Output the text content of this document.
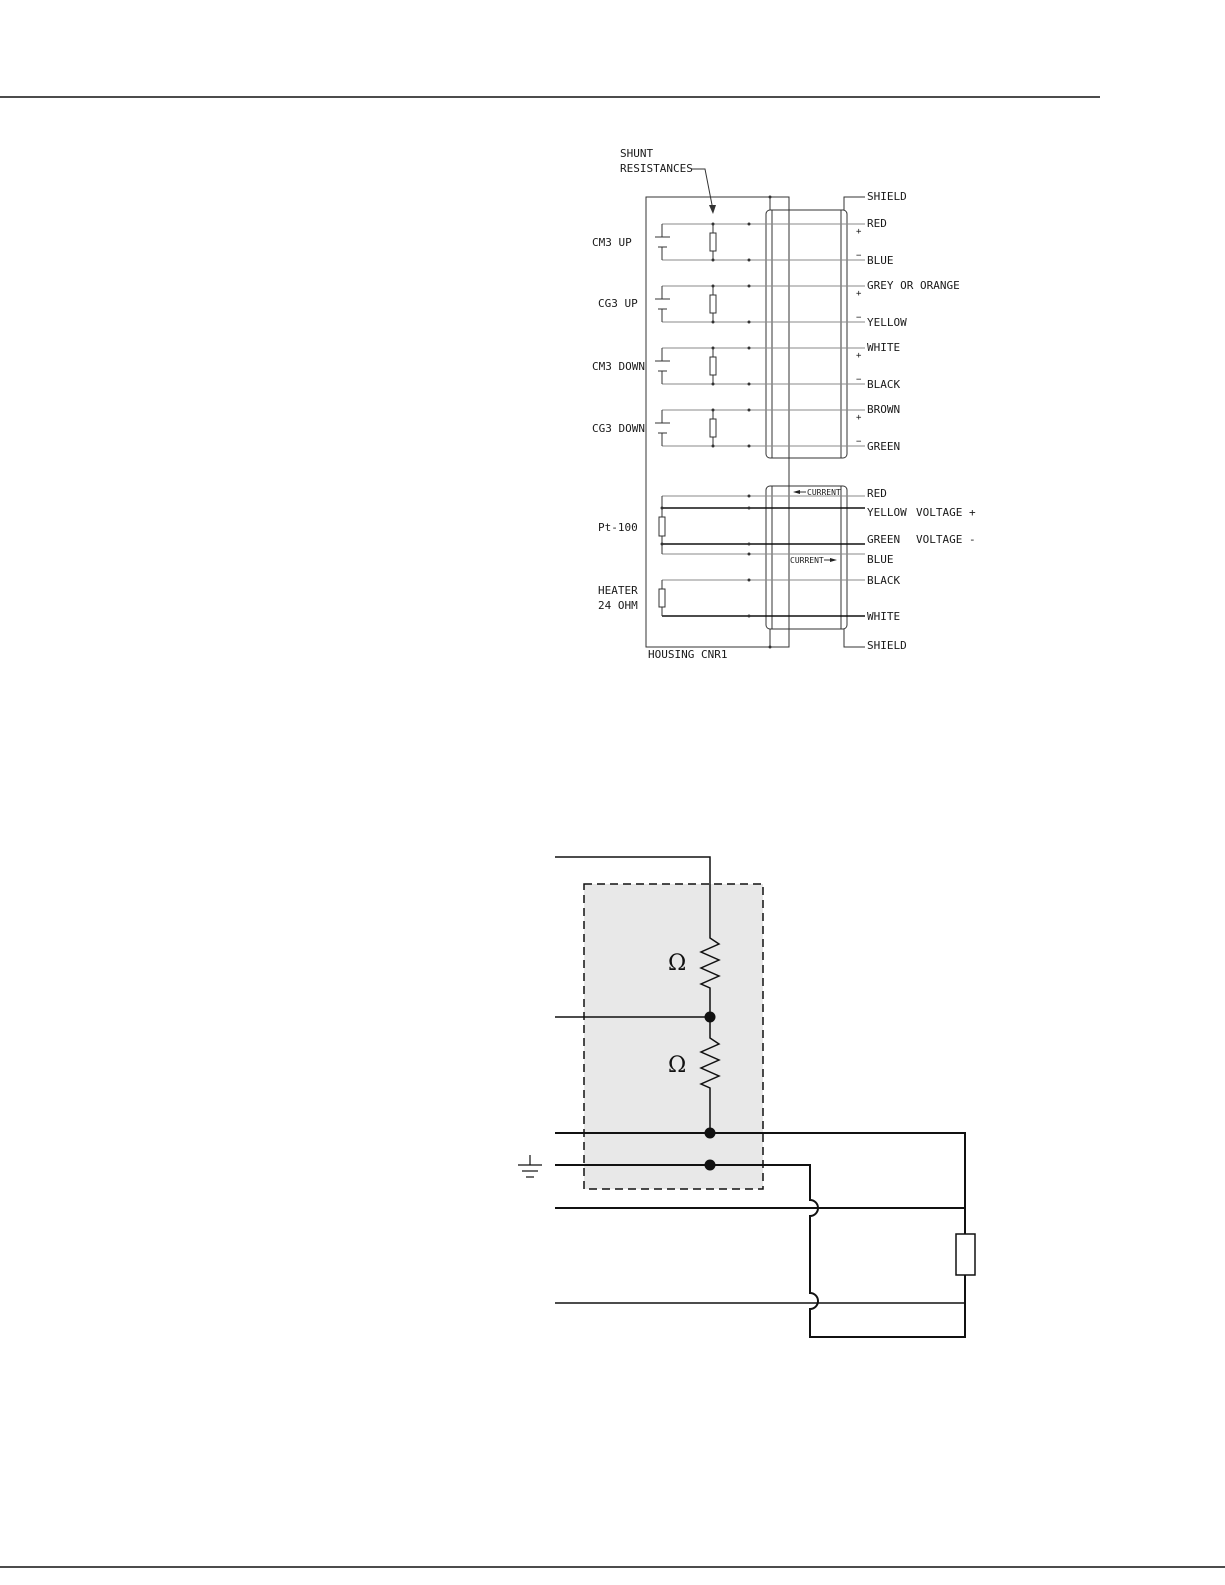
SHUNT
RESISTANCES
HOUSING CNR1
SHIELD
SHIELD
CM3 UP
+
−
RED
BLUE
CG3 UP
+
−
GREY OR ORANGE
YELLOW
CM3 DOWN
+
−
WHITE
BLACK
CG3 DOWN
+
−
BROWN
GREEN
Pt-100
CURRENT
CURRENT
RED
YELLOW VOLTAGE +
GREEN VOLTAGE -
BLUE
HEATER
24 OHM
BLACK
WHITE
Ω
Ω
